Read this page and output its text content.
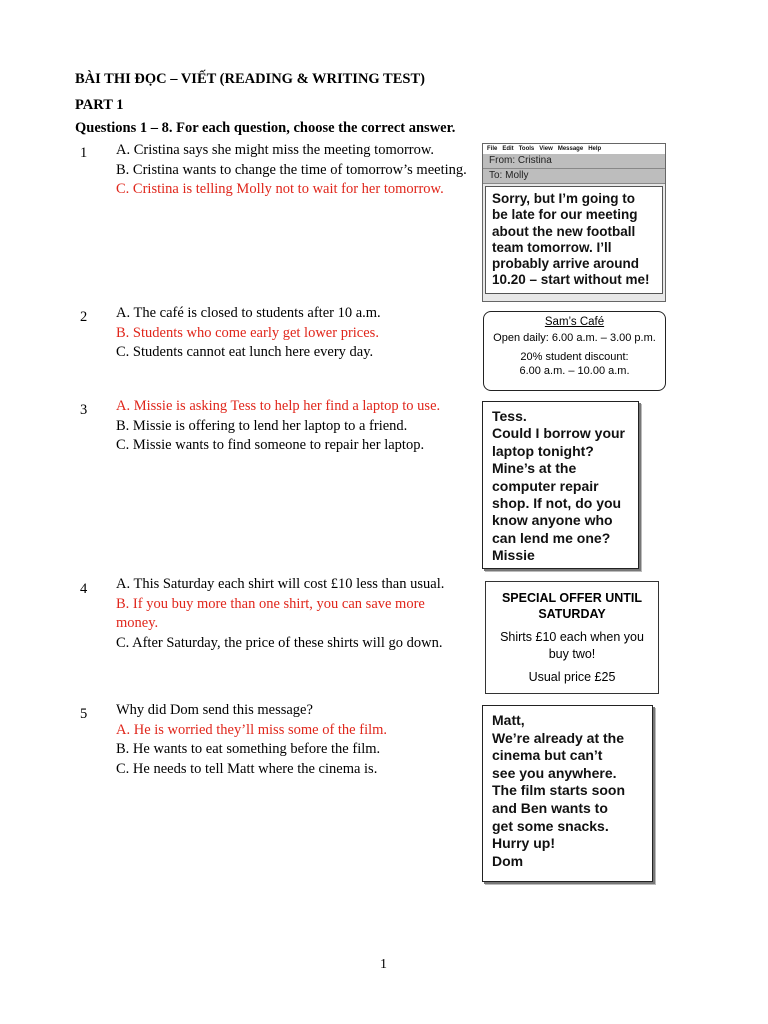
BÀI THI ĐỌC – VIẾT (READING & WRITING TEST)
PART 1
Questions 1 – 8. For each question, choose the correct answer.
1 A. Cristina says she might miss the meeting tomorrow.
B. Cristina wants to change the time of tomorrow’s meeting.
C. Cristina is telling Molly not to wait for her tomorrow.
File Edit Tools View Message Help
From: Cristina
To: Molly
Sorry, but I’m going to
be late for our meeting
about the new football
team tomorrow. I’ll
probably arrive around
10.20 – start without me!
2 A. The café is closed to students after 10 a.m.
B. Students who come early get lower prices.
C. Students cannot eat lunch here every day.
Sam’s Café
Open daily: 6.00 a.m. – 3.00 p.m.
20% student discount:
6.00 a.m. – 10.00 a.m.
3 A. Missie is asking Tess to help her find a laptop to use.
B. Missie is offering to lend her laptop to a friend.
C. Missie wants to find someone to repair her laptop.
Tess.
Could I borrow your
laptop tonight?
Mine’s at the
computer repair
shop. If not, do you
know anyone who
can lend me one?
Missie
4 A. This Saturday each shirt will cost £10 less than usual.
B. If you buy more than one shirt, you can save more money.
C. After Saturday, the price of these shirts will go down.
SPECIAL OFFER UNTIL
SATURDAY
Shirts £10 each when you
buy two!
Usual price £25
5 Why did Dom send this message?
A. He is worried they’ll miss some of the film.
B. He wants to eat something before the film.
C. He needs to tell Matt where the cinema is.
Matt,
We’re already at the
cinema but can’t
see you anywhere.
The film starts soon
and Ben wants to
get some snacks.
Hurry up!
Dom
1
